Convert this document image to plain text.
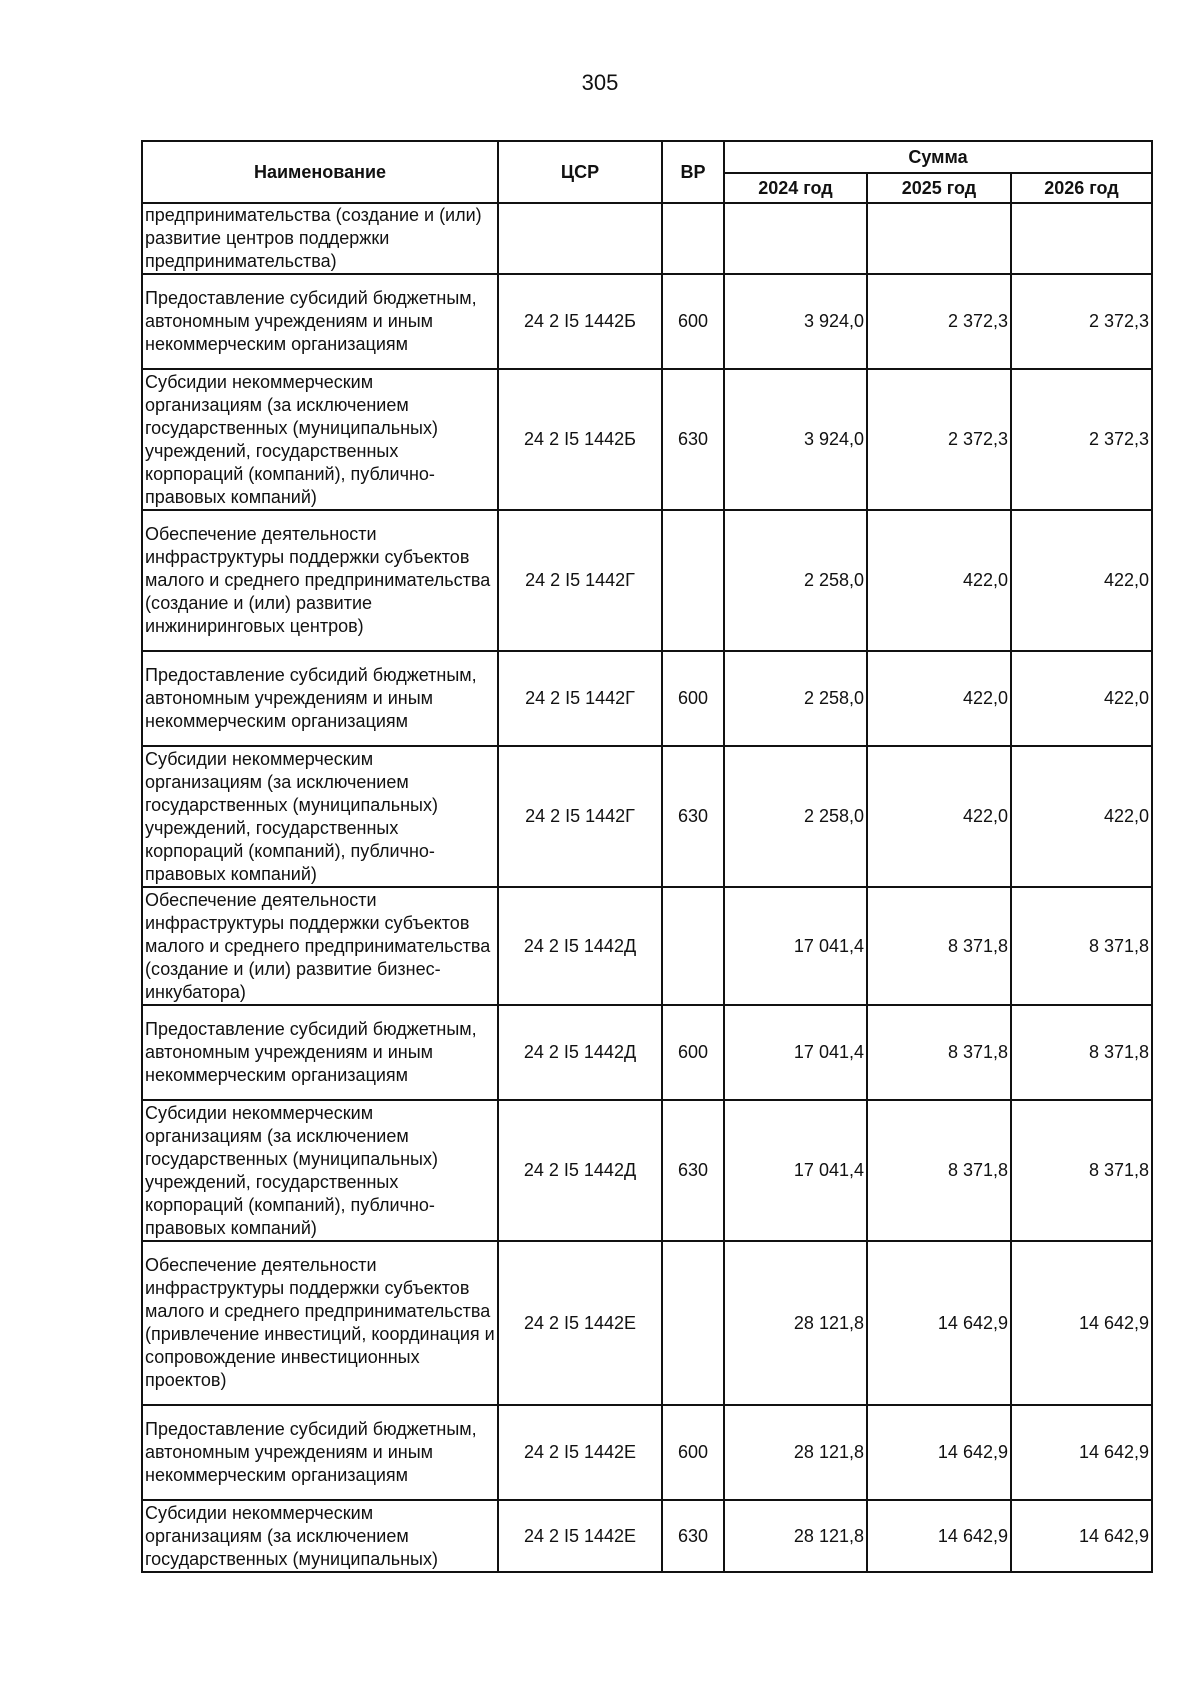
305
Наименование	ЦСР	ВР	Сумма		
			2024 год	2025 год	2026 год
предпринимательства (создание и (или) развитие центров поддержки предпринимательства)					
Предоставление субсидий бюджетным, автономным учреждениям и иным некоммерческим организациям	24 2 I5 1442Б	600	3 924,0	2 372,3	2 372,3
Субсидии некоммерческим организациям (за исключением государственных (муниципальных) учреждений, государственных корпораций (компаний), публично-правовых компаний)	24 2 I5 1442Б	630	3 924,0	2 372,3	2 372,3
Обеспечение деятельности инфраструктуры поддержки субъектов малого и среднего предпринимательства (создание и (или) развитие инжиниринговых центров)	24 2 I5 1442Г		2 258,0	422,0	422,0
Предоставление субсидий бюджетным, автономным учреждениям и иным некоммерческим организациям	24 2 I5 1442Г	600	2 258,0	422,0	422,0
Субсидии некоммерческим организациям (за исключением государственных (муниципальных) учреждений, государственных корпораций (компаний), публично-правовых компаний)	24 2 I5 1442Г	630	2 258,0	422,0	422,0
Обеспечение деятельности инфраструктуры поддержки субъектов малого и среднего предпринимательства (создание и (или) развитие бизнес-инкубатора)	24 2 I5 1442Д		17 041,4	8 371,8	8 371,8
Предоставление субсидий бюджетным, автономным учреждениям и иным некоммерческим организациям	24 2 I5 1442Д	600	17 041,4	8 371,8	8 371,8
Субсидии некоммерческим организациям (за исключением государственных (муниципальных) учреждений, государственных корпораций (компаний), публично-правовых компаний)	24 2 I5 1442Д	630	17 041,4	8 371,8	8 371,8
Обеспечение деятельности инфраструктуры поддержки субъектов малого и среднего предпринимательства (привлечение инвестиций, координация и сопровождение инвестиционных проектов)	24 2 I5 1442Е		28 121,8	14 642,9	14 642,9
Предоставление субсидий бюджетным, автономным учреждениям и иным некоммерческим организациям	24 2 I5 1442Е	600	28 121,8	14 642,9	14 642,9
Субсидии некоммерческим организациям (за исключением государственных (муниципальных)	24 2 I5 1442Е	630	28 121,8	14 642,9	14 642,9
